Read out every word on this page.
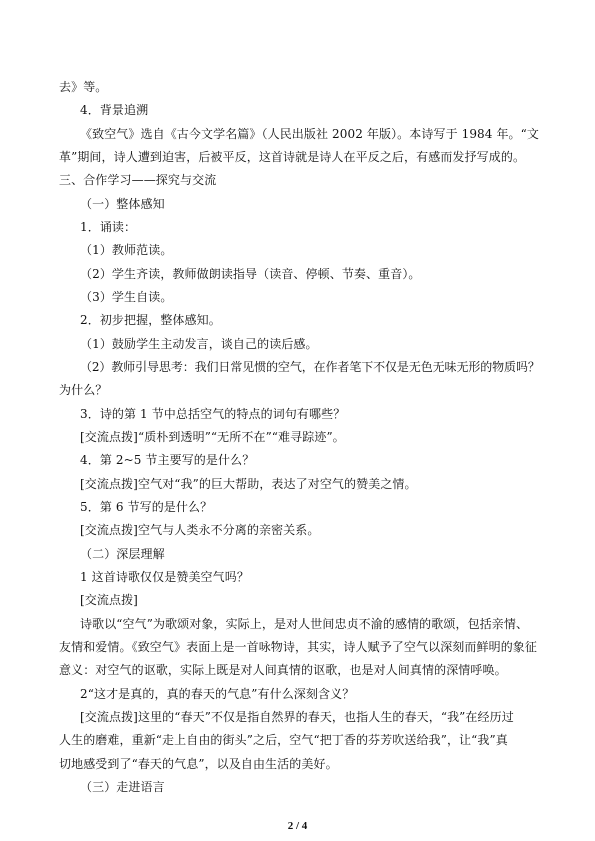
去》等。
4．背景追溯
《致空气》选自《古今文学名篇》（人民出版社 2002 年版）。本诗写于 1984 年。“文
革”期间，诗人遭到迫害，后被平反，这首诗就是诗人在平反之后，有感而发抒写成的。
三、合作学习——探究与交流
（一）整体感知
1．诵读：
（1）教师范读。
（2）学生齐读，教师做朗读指导（读音、停顿、节奏、重音）。
（3）学生自读。
2．初步把握，整体感知。
（1）鼓励学生主动发言，谈自己的读后感。
（2）教师引导思考：我们日常见惯的空气，在作者笔下不仅是无色无味无形的物质吗？
为什么？
3．诗的第 1 节中总括空气的特点的词句有哪些？
[交流点拨]“质朴到透明”“无所不在”“难寻踪迹”。
4．第 2~5 节主要写的是什么？
[交流点拨]空气对“我”的巨大帮助，表达了对空气的赞美之情。
5．第 6 节写的是什么？
[交流点拨]空气与人类永不分离的亲密关系。
（二）深层理解
1 这首诗歌仅仅是赞美空气吗？
[交流点拨]
诗歌以“空气”为歌颂对象，实际上，是对人世间忠贞不渝的感情的歌颂，包括亲情、
友情和爱情。《致空气》表面上是一首咏物诗，其实，诗人赋予了空气以深刻而鲜明的象征
意义：对空气的讴歌，实际上既是对人间真情的讴歌，也是对人间真情的深情呼唤。
2“这才是真的，真的春天的气息”有什么深刻含义？
[交流点拨]这里的“春天”不仅是指自然界的春天，也指人生的春天，“我”在经历过
人生的磨难，重新“走上自由的街头”之后，空气“把丁香的芬芳吹送给我”，让“我”真
切地感受到了“春天的气息”，以及自由生活的美好。
（三）走进语言
2 / 4
